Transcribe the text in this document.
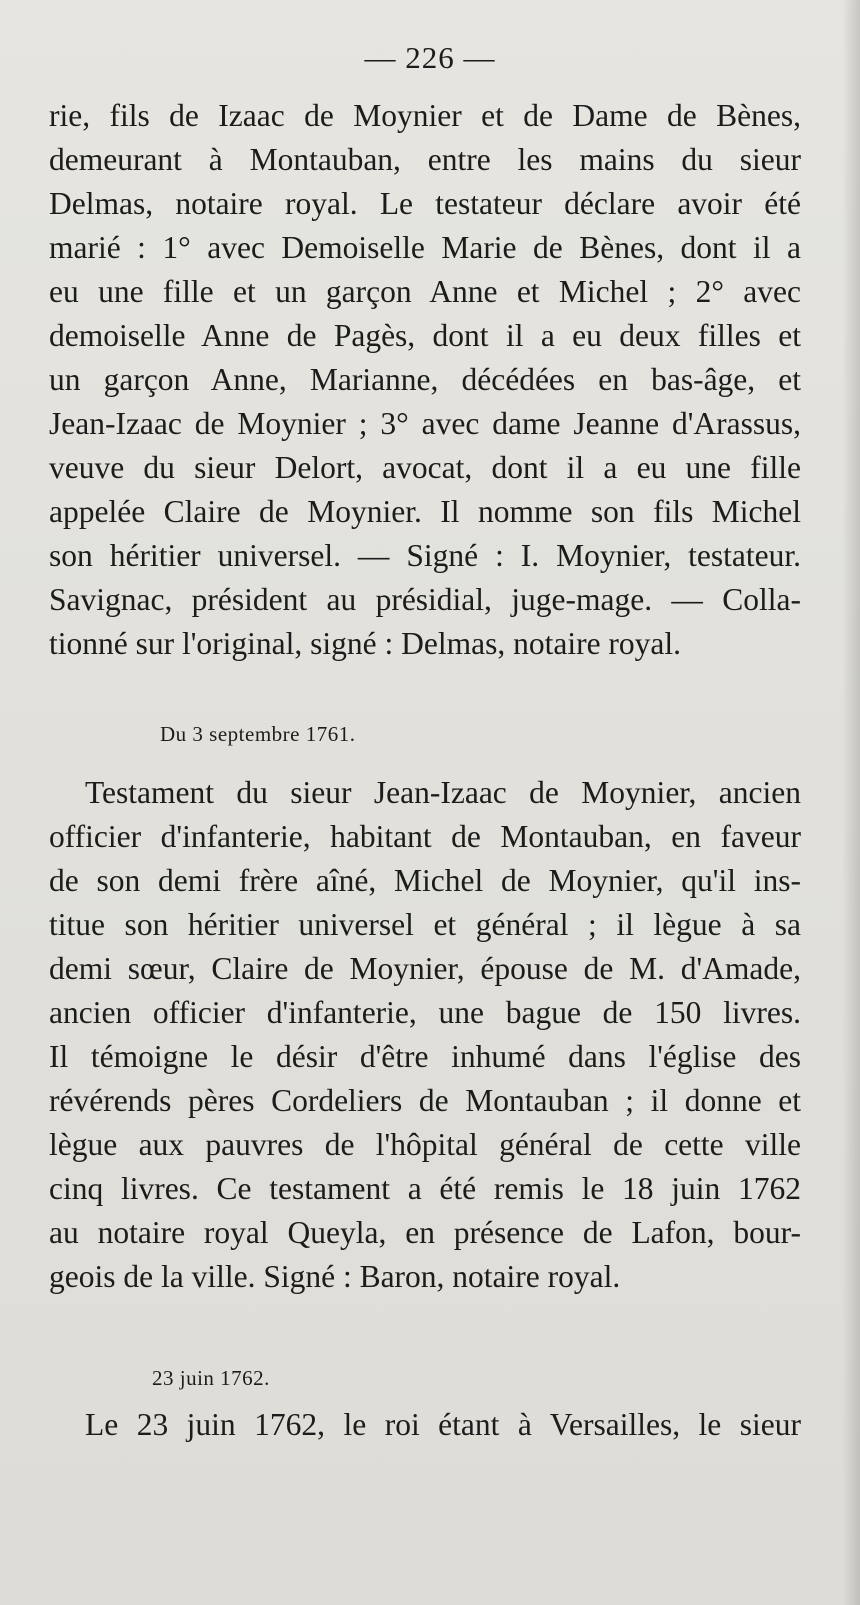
— 226 —
rie, fils de Izaac de Moynier et de Dame de Bènes,
demeurant à Montauban, entre les mains du sieur
Delmas, notaire royal. Le testateur déclare avoir été
marié : 1° avec Demoiselle Marie de Bènes, dont il a
eu une fille et un garçon Anne et Michel ; 2° avec
demoiselle Anne de Pagès, dont il a eu deux filles et
un garçon Anne, Marianne, décédées en bas-âge, et
Jean-Izaac de Moynier ; 3° avec dame Jeanne d'Arassus,
veuve du sieur Delort, avocat, dont il a eu une fille
appelée Claire de Moynier. Il nomme son fils Michel
son héritier universel. — Signé : I. Moynier, testateur.
Savignac, président au présidial, juge-mage. — Colla-
tionné sur l'original, signé : Delmas, notaire royal.
Du 3 septembre 1761.
Testament du sieur Jean-Izaac de Moynier, ancien
officier d'infanterie, habitant de Montauban, en faveur
de son demi frère aîné, Michel de Moynier, qu'il ins-
titue son héritier universel et général ; il lègue à sa
demi sœur, Claire de Moynier, épouse de M. d'Amade,
ancien officier d'infanterie, une bague de 150 livres.
Il témoigne le désir d'être inhumé dans l'église des
révérends pères Cordeliers de Montauban ; il donne et
lègue aux pauvres de l'hôpital général de cette ville
cinq livres. Ce testament a été remis le 18 juin 1762
au notaire royal Queyla, en présence de Lafon, bour-
geois de la ville. Signé : Baron, notaire royal.
23 juin 1762.
Le 23 juin 1762, le roi étant à Versailles, le sieur
